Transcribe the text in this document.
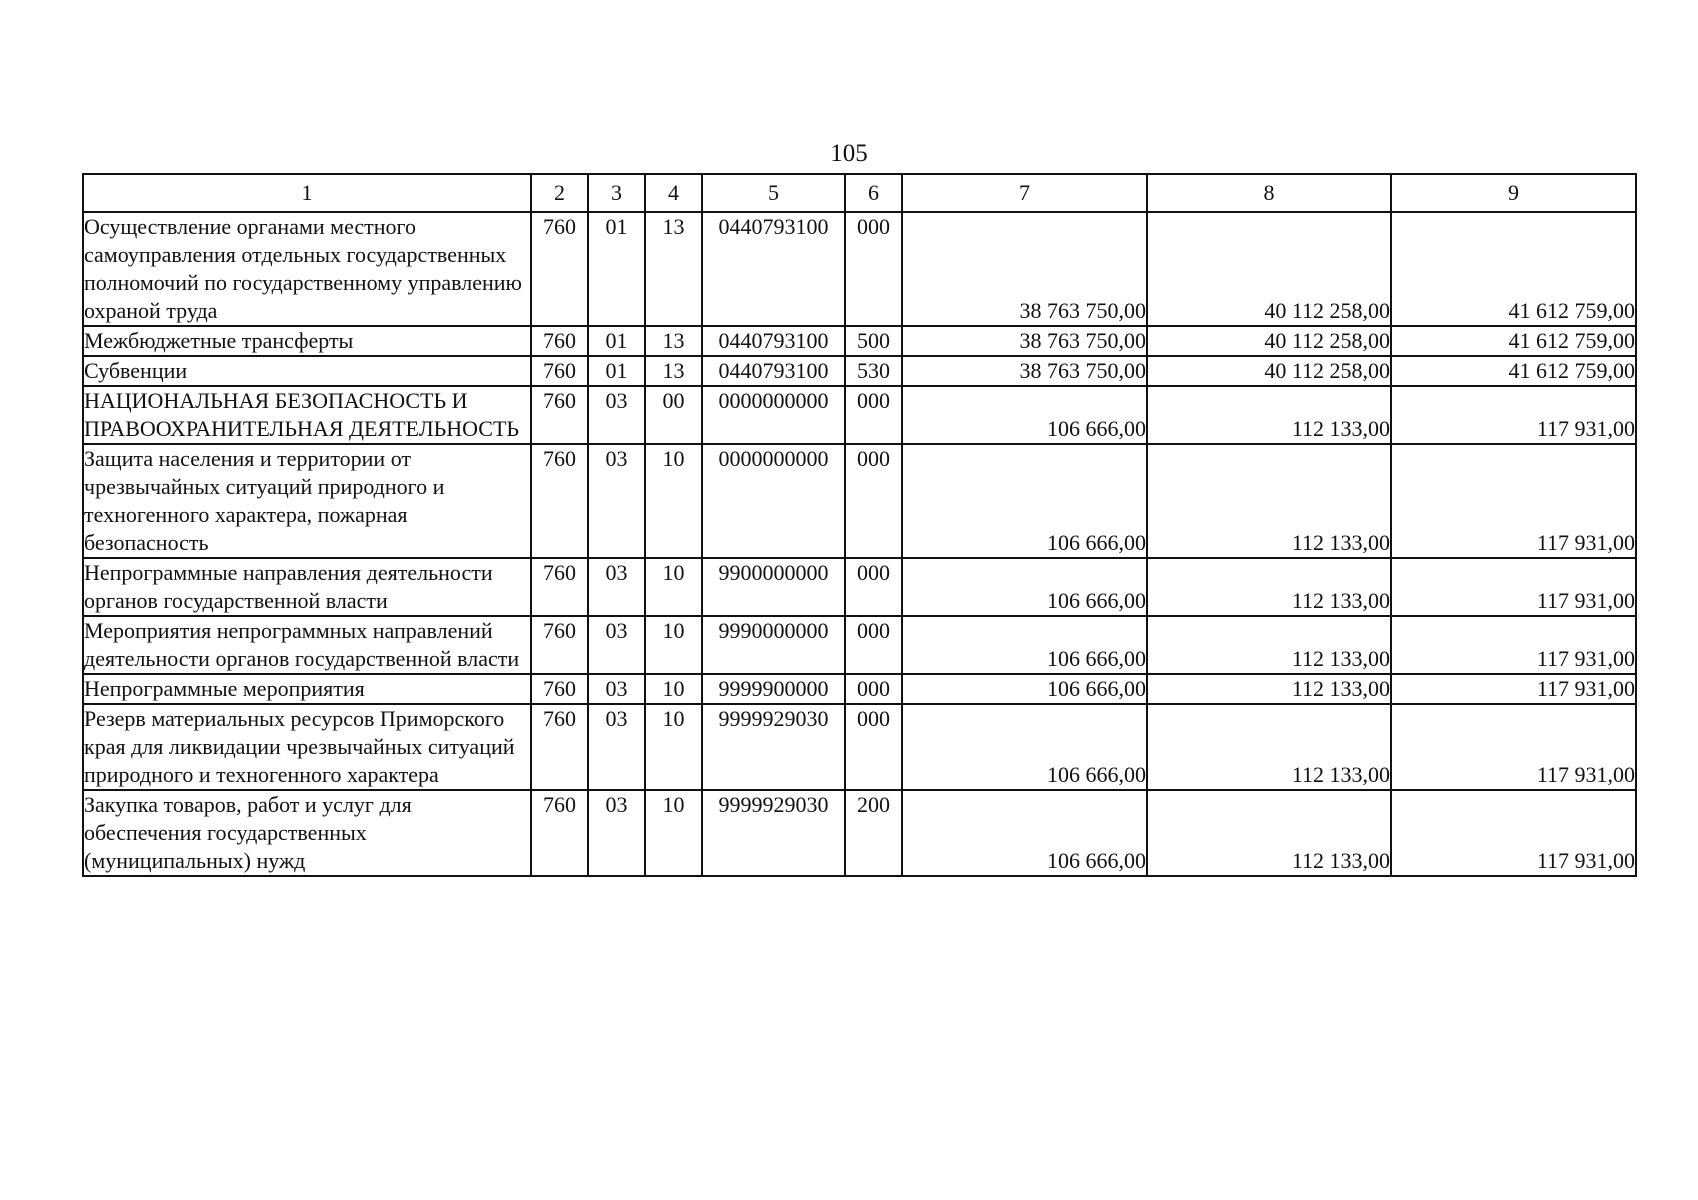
105
1	2	3	4	5	6	7	8	9
Осуществление органами местного самоуправления отдельных государственных полномочий по государственному управлению охраной труда	760	01	13	0440793100	000	38 763 750,00	40 112 258,00	41 612 759,00
Межбюджетные трансферты	760	01	13	0440793100	500	38 763 750,00	40 112 258,00	41 612 759,00
Субвенции	760	01	13	0440793100	530	38 763 750,00	40 112 258,00	41 612 759,00
НАЦИОНАЛЬНАЯ БЕЗОПАСНОСТЬ И ПРАВООХРАНИТЕЛЬНАЯ ДЕЯТЕЛЬНОСТЬ	760	03	00	0000000000	000	106 666,00	112 133,00	117 931,00
Защита населения и территории от чрезвычайных ситуаций природного и техногенного характера, пожарная безопасность	760	03	10	0000000000	000	106 666,00	112 133,00	117 931,00
Непрограммные направления деятельности органов государственной власти	760	03	10	9900000000	000	106 666,00	112 133,00	117 931,00
Мероприятия непрограммных направлений деятельности органов государственной власти	760	03	10	9990000000	000	106 666,00	112 133,00	117 931,00
Непрограммные мероприятия	760	03	10	9999900000	000	106 666,00	112 133,00	117 931,00
Резерв материальных ресурсов Приморского края для ликвидации чрезвычайных ситуаций природного и техногенного характера	760	03	10	9999929030	000	106 666,00	112 133,00	117 931,00
Закупка товаров, работ и услуг для обеспечения государственных (муниципальных) нужд	760	03	10	9999929030	200	106 666,00	112 133,00	117 931,00
